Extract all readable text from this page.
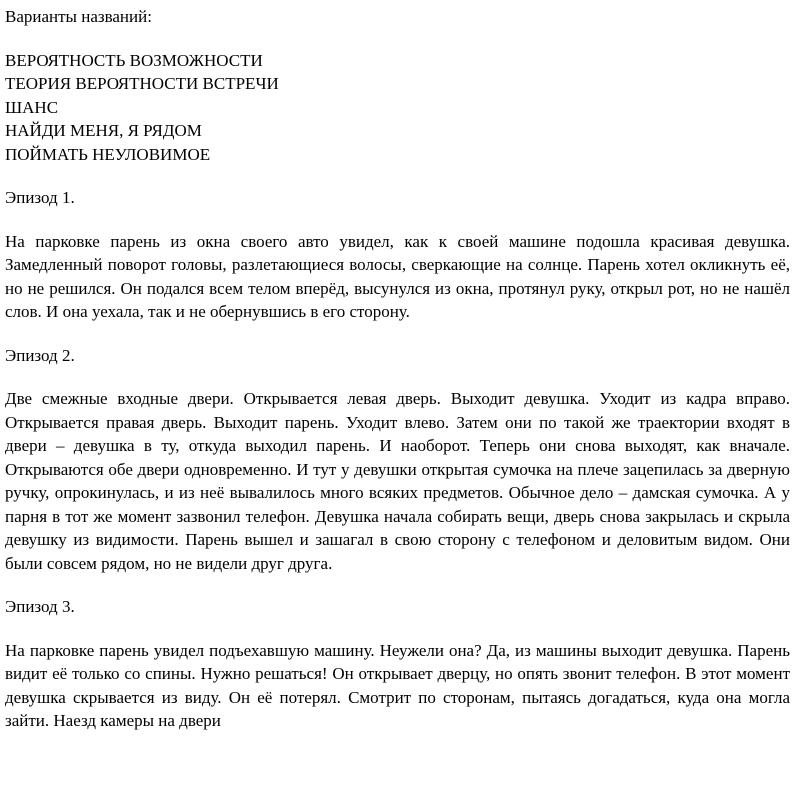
Варианты названий:

ВЕРОЯТНОСТЬ ВОЗМОЖНОСТИ
ТЕОРИЯ ВЕРОЯТНОСТИ ВСТРЕЧИ
ШАНС
НАЙДИ МЕНЯ, Я РЯДОМ
ПОЙМАТЬ НЕУЛОВИМОЕ

Эпизод 1.

На парковке парень из окна своего авто увидел, как к своей машине подошла красивая девушка. Замедленный поворот головы, разлетающиеся волосы, сверкающие на солнце. Парень хотел окликнуть её, но не решился. Он подался всем телом вперёд, высунулся из окна, протянул руку, открыл рот, но не нашёл слов. И она уехала, так и не обернувшись в его сторону.

Эпизод 2.

Две смежные входные двери. Открывается левая дверь. Выходит девушка. Уходит из кадра вправо. Открывается правая дверь. Выходит парень. Уходит влево. Затем они по такой же траектории входят в двери – девушка в ту, откуда выходил парень. И наоборот. Теперь они снова выходят, как вначале. Открываются обе двери одновременно. И тут у девушки открытая сумочка на плече зацепилась за дверную ручку, опрокинулась, и из неё вывалилось много всяких предметов. Обычное дело – дамская сумочка. А у парня в тот же момент зазвонил телефон. Девушка начала собирать вещи, дверь снова закрылась и скрыла девушку из видимости. Парень вышел и зашагал в свою сторону с телефоном и деловитым видом. Они были совсем рядом, но не видели друг друга.

Эпизод 3.

На парковке парень увидел подъехавшую машину. Неужели она? Да, из машины выходит девушка. Парень видит её только со спины. Нужно решаться! Он открывает дверцу, но опять звонит телефон. В этот момент девушка скрывается из виду. Он её потерял. Смотрит по сторонам, пытаясь догадаться, куда она могла зайти. Наезд камеры на двери
